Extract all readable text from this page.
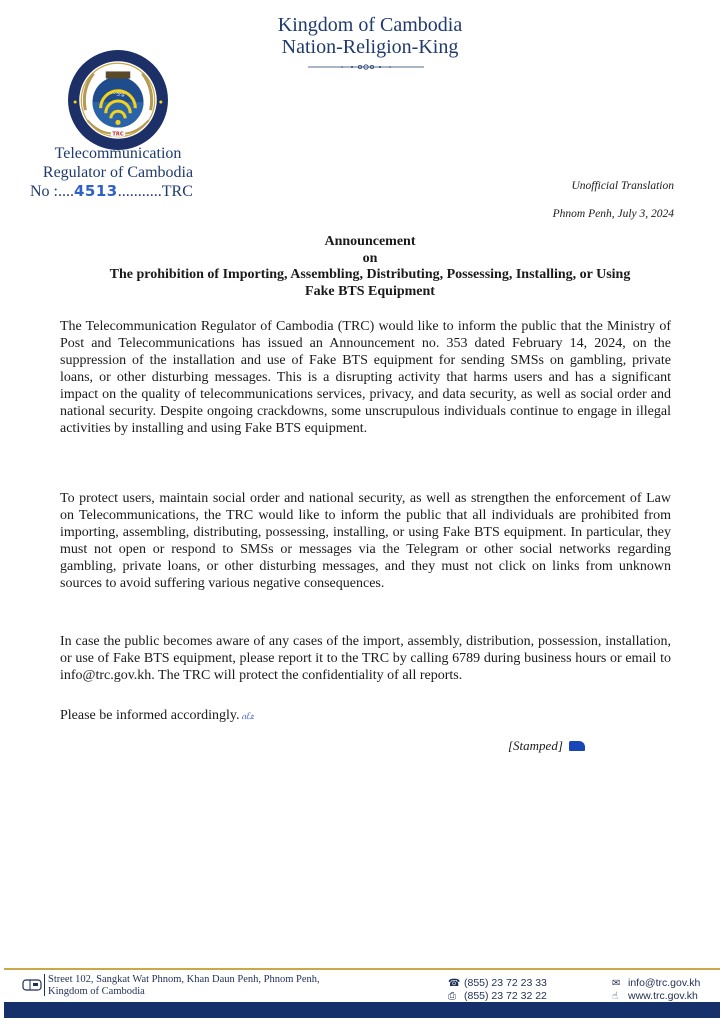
Kingdom of Cambodia
Nation-Religion-King
ᦂᦃᦄ
TRC
Telecommunication
Regulator of Cambodia
No :....4513...........TRC	Unofficial Translation
Phnom Penh, July 3, 2024
Announcement
on
The prohibition of Importing, Assembling, Distributing, Possessing, Installing, or Using
Fake BTS Equipment
The Telecommunication Regulator of Cambodia (TRC) would like to inform the public that the Ministry of Post and Telecommunications has issued an Announcement no. 353 dated February 14, 2024, on the suppression of the installation and use of Fake BTS equipment for sending SMSs on gambling, private loans, or other disturbing messages. This is a disrupting activity that harms users and has a significant impact on the quality of telecommunications services, privacy, and data security, as well as social order and national security. Despite ongoing crackdowns, some unscrupulous individuals continue to engage in illegal activities by installing and using Fake BTS equipment.
To protect users, maintain social order and national security, as well as strengthen the enforcement of Law on Telecommunications, the TRC would like to inform the public that all individuals are prohibited from importing, assembling, distributing, possessing, installing, or using Fake BTS equipment. In particular, they must not open or respond to SMSs or messages via the Telegram or other social networks regarding gambling, private loans, or other disturbing messages, and they must not click on links from unknown sources to avoid suffering various negative consequences.
In case the public becomes aware of any cases of the import, assembly, distribution, possession, installation, or use of Fake BTS equipment, please report it to the TRC by calling 6789 during business hours or email to info@trc.gov.kh. The TRC will protect the confidentiality of all reports.
Please be informed accordingly. ᦵᦷᦸ
[Stamped]
Street 102, Sangkat Wat Phnom, Khan Daun Penh, Phnom Penh,
Kingdom of Cambodia
☎ (855) 23 72 23 33
⎙ (855) 23 72 32 22
✉ info@trc.gov.kh
☝ www.trc.gov.kh
